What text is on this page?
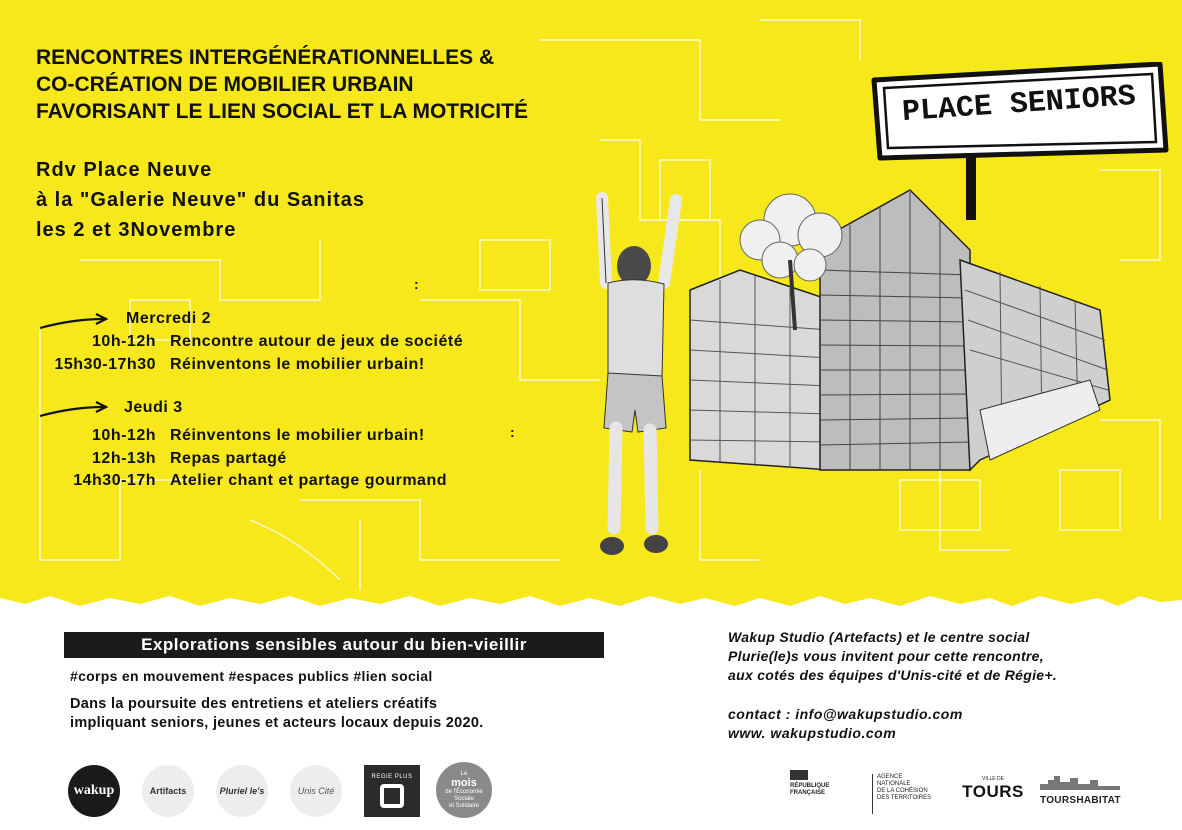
RENCONTRES INTERGÉNÉRATIONNELLES &
CO-CRÉATION DE MOBILIER URBAIN
FAVORISANT LE LIEN SOCIAL ET LA MOTRICITÉ
Rdv Place Neuve
à la "Galerie Neuve" du Sanitas
les 2 et 3Novembre
:
:
Mercredi 2
10h-12h Rencontre autour de jeux de société
15h30-17h30 Réinventons le mobilier urbain!
Jeudi 3
10h-12h Réinventons le mobilier urbain!
12h-13h Repas partagé
14h30-17h Atelier chant et partage gourmand
PLACE SENIORS
Explorations sensibles autour du bien-vieillir
#corps en mouvement #espaces publics #lien social
Dans la poursuite des entretiens et ateliers créatifs
impliquant seniors, jeunes et acteurs locaux depuis 2020.
Wakup Studio (Artefacts) et le centre social
Plurie(le)s vous invitent pour cette rencontre,
aux cotés des équipes d'Unis-cité et de Régie+.
contact : info@wakupstudio.com
www. wakupstudio.com
wakup	Artifacts	Pluriel le's	Unis Cité
REGIE PLUS
Le
mois
de l'Économie
Sociale
et Solidaire
RÉPUBLIQUE
FRANÇAISE
AGENCE
NATIONALE
DE LA COHÉSION
DES TERRITOIRES
VILLE DE
TOURS	TOURSHABITAT
